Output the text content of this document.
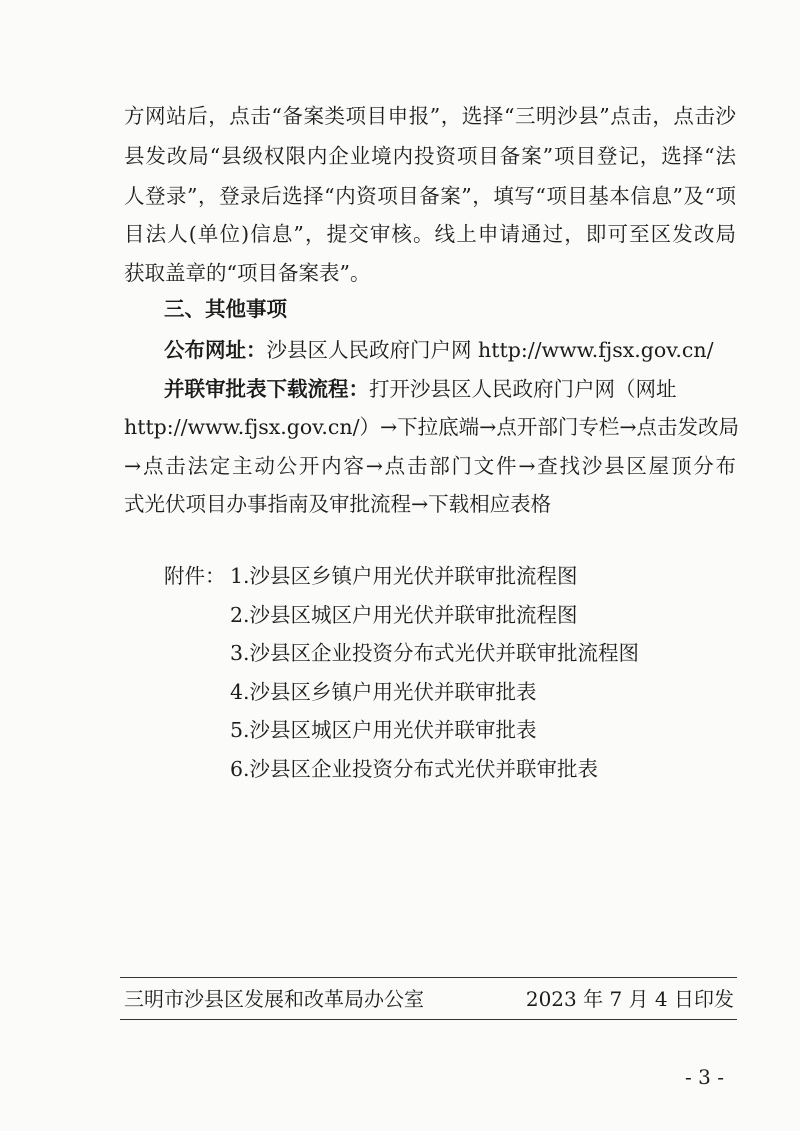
方网站后，点击“备案类项目申报”，选择“三明沙县”点击，点击沙
县发改局“县级权限内企业境内投资项目备案”项目登记，选择“法
人登录”，登录后选择“内资项目备案”，填写“项目基本信息”及“项
目法人(单位)信息”，提交审核。线上申请通过，即可至区发改局
获取盖章的“项目备案表”。
三、其他事项
公布网址：沙县区人民政府门户网 http://www.fjsx.gov.cn/
并联审批表下载流程：打开沙县区人民政府门户网（网址
http://www.fjsx.gov.cn/）→下拉底端→点开部门专栏→点击发改局
→点击法定主动公开内容→点击部门文件→查找沙县区屋顶分布
式光伏项目办事指南及审批流程→下载相应表格
附件： 1.沙县区乡镇户用光伏并联审批流程图
2.沙县区城区户用光伏并联审批流程图
3.沙县区企业投资分布式光伏并联审批流程图
4.沙县区乡镇户用光伏并联审批表
5.沙县区城区户用光伏并联审批表
6.沙县区企业投资分布式光伏并联审批表
三明市沙县区发展和改革局办公室	2023 年 7 月 4 日印发
- 3 -
